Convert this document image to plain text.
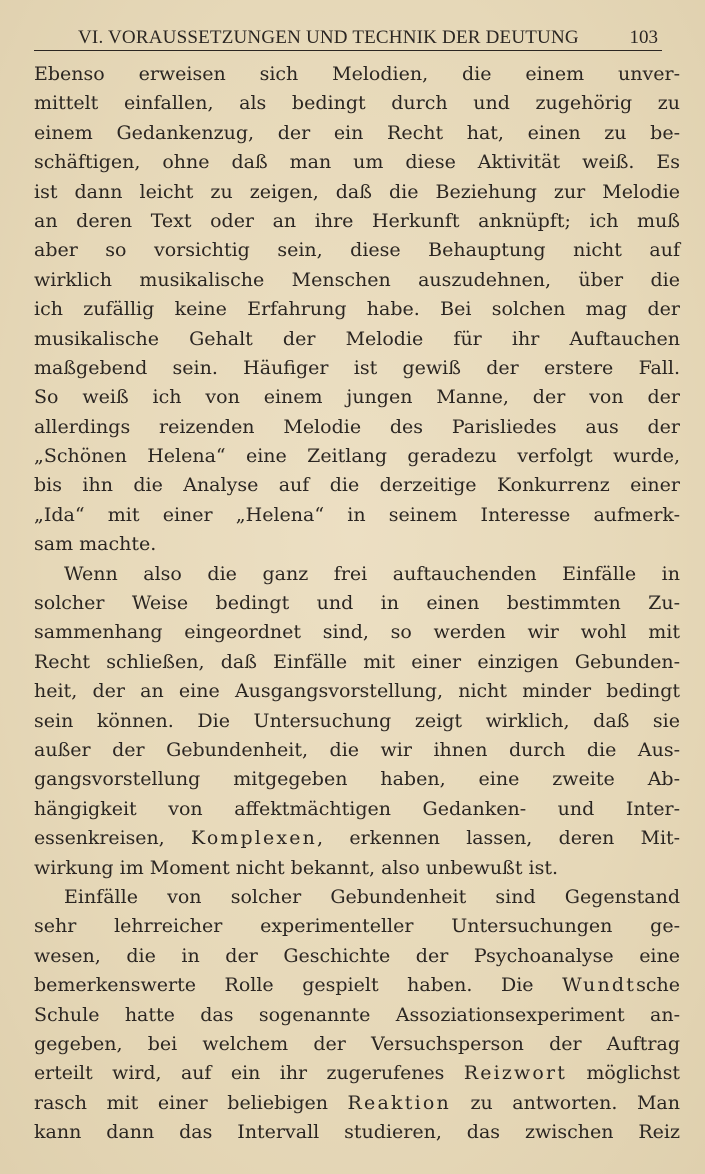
VI. VORAUSSETZUNGEN UND TECHNIK DER DEUTUNG	103
Ebenso erweisen sich Melodien, die einem unver-
mittelt einfallen, als bedingt durch und zugehörig zu
einem Gedankenzug, der ein Recht hat, einen zu be-
schäftigen, ohne daß man um diese Aktivität weiß. Es
ist dann leicht zu zeigen, daß die Beziehung zur Melodie
an deren Text oder an ihre Herkunft anknüpft; ich muß
aber so vorsichtig sein, diese Behauptung nicht auf
wirklich musikalische Menschen auszudehnen, über die
ich zufällig keine Erfahrung habe. Bei solchen mag der
musikalische Gehalt der Melodie für ihr Auftauchen
maßgebend sein. Häufiger ist gewiß der erstere Fall.
So weiß ich von einem jungen Manne, der von der
allerdings reizenden Melodie des Parisliedes aus der
„Schönen Helena“ eine Zeitlang geradezu verfolgt wurde,
bis ihn die Analyse auf die derzeitige Konkurrenz einer
„Ida“ mit einer „Helena“ in seinem Interesse aufmerk-
sam machte.
Wenn also die ganz frei auftauchenden Einfälle in
solcher Weise bedingt und in einen bestimmten Zu-
sammenhang eingeordnet sind, so werden wir wohl mit
Recht schließen, daß Einfälle mit einer einzigen Gebunden-
heit, der an eine Ausgangsvorstellung, nicht minder bedingt
sein können. Die Untersuchung zeigt wirklich, daß sie
außer der Gebundenheit, die wir ihnen durch die Aus-
gangsvorstellung mitgegeben haben, eine zweite Ab-
hängigkeit von affektmächtigen Gedanken- und Inter-
essenkreisen, Komplexen, erkennen lassen, deren Mit-
wirkung im Moment nicht bekannt, also unbewußt ist.
Einfälle von solcher Gebundenheit sind Gegenstand
sehr lehrreicher experimenteller Untersuchungen ge-
wesen, die in der Geschichte der Psychoanalyse eine
bemerkenswerte Rolle gespielt haben. Die Wundtsche
Schule hatte das sogenannte Assoziationsexperiment an-
gegeben, bei welchem der Versuchsperson der Auftrag
erteilt wird, auf ein ihr zugerufenes Reizwort möglichst
rasch mit einer beliebigen Reaktion zu antworten. Man
kann dann das Intervall studieren, das zwischen Reiz
